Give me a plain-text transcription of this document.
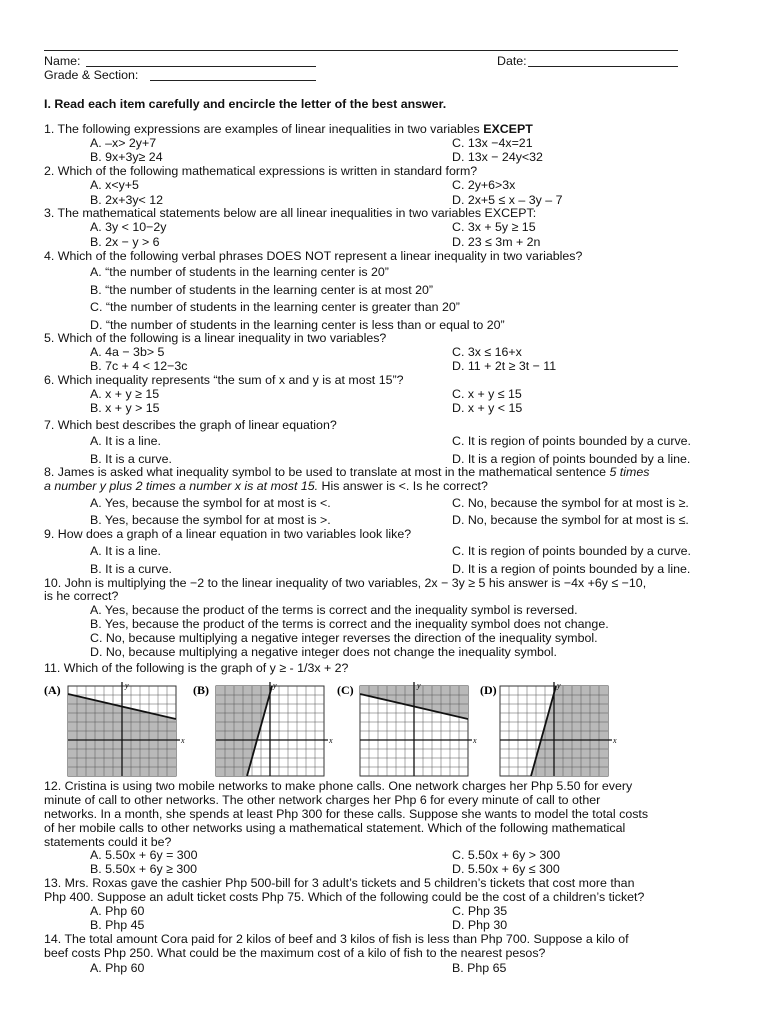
Name:	Date:
Grade & Section:
I. Read each item carefully and encircle the letter of the best answer.
1. The following expressions are examples of linear inequalities in two variables EXCEPT
A. –x> 2y+7	C. 13x −4x=21
B. 9x+3y≥ 24	D. 13x − 24y<32
2. Which of the following mathematical expressions is written in standard form?
A. x<y+5	C. 2y+6>3x
B. 2x+3y< 12	D. 2x+5 ≤ x – 3y – 7
3. The mathematical statements below are all linear inequalities in two variables EXCEPT:
A. 3y < 10−2y	C. 3x + 5y ≥ 15
B. 2x − y > 6	D. 23 ≤ 3m + 2n
4. Which of the following verbal phrases DOES NOT represent a linear inequality in two variables?
A. “the number of students in the learning center is 20”
B. “the number of students in the learning center is at most 20”
C. “the number of students in the learning center is greater than 20”
D. “the number of students in the learning center is less than or equal to 20”
5. Which of the following is a linear inequality in two variables?
A. 4a − 3b> 5	C. 3x ≤ 16+x
B. 7c + 4 < 12−3c	D. 11 + 2t ≥ 3t − 11
6. Which inequality represents “the sum of x and y is at most 15”?
A. x + y ≥ 15	C. x + y ≤ 15
B. x + y > 15	D. x + y < 15
7. Which best describes the graph of linear equation?
A. It is a line.	C. It is region of points bounded by a curve.
B. It is a curve.	D. It is a region of points bounded by a line.
8. James is asked what inequality symbol to be used to translate at most in the mathematical sentence 5 times
a number y plus 2 times a number x is at most 15. His answer is <. Is he correct?
A. Yes, because the symbol for at most is <.	C. No, because the symbol for at most is ≥.
B. Yes, because the symbol for at most is >.	D. No, because the symbol for at most is ≤.
9. How does a graph of a linear equation in two variables look like?
A. It is a line.	C. It is region of points bounded by a curve.
B. It is a curve.	D. It is a region of points bounded by a line.
10. John is multiplying the −2 to the linear inequality of two variables, 2x − 3y ≥ 5 his answer is −4x +6y ≤ −10,
is he correct?
A. Yes, because the product of the terms is correct and the inequality symbol is reversed.
B. Yes, because the product of the terms is correct and the inequality symbol does not change.
C. No, because multiplying a negative integer reverses the direction of the inequality symbol.
D. No, because multiplying a negative integer does not change the inequality symbol.
11. Which of the following is the graph of y ≥ - 1/3x + 2?
(A)	(B)	(C)	(D)
x
y
x
y
x
y
x
y
12. Cristina is using two mobile networks to make phone calls. One network charges her Php 5.50 for every
minute of call to other networks. The other network charges her Php 6 for every minute of call to other
networks. In a month, she spends at least Php 300 for these calls. Suppose she wants to model the total costs
of her mobile calls to other networks using a mathematical statement. Which of the following mathematical
statements could it be?
A. 5.50x + 6y = 300	C. 5.50x + 6y > 300
B. 5.50x + 6y ≥ 300	D. 5.50x + 6y ≤ 300
13. Mrs. Roxas gave the cashier Php 500-bill for 3 adult’s tickets and 5 children’s tickets that cost more than
Php 400. Suppose an adult ticket costs Php 75. Which of the following could be the cost of a children’s ticket?
A. Php 60	C. Php 35
B. Php 45	D. Php 30
14. The total amount Cora paid for 2 kilos of beef and 3 kilos of fish is less than Php 700. Suppose a kilo of
beef costs Php 250. What could be the maximum cost of a kilo of fish to the nearest pesos?
A. Php 60	B. Php 65
